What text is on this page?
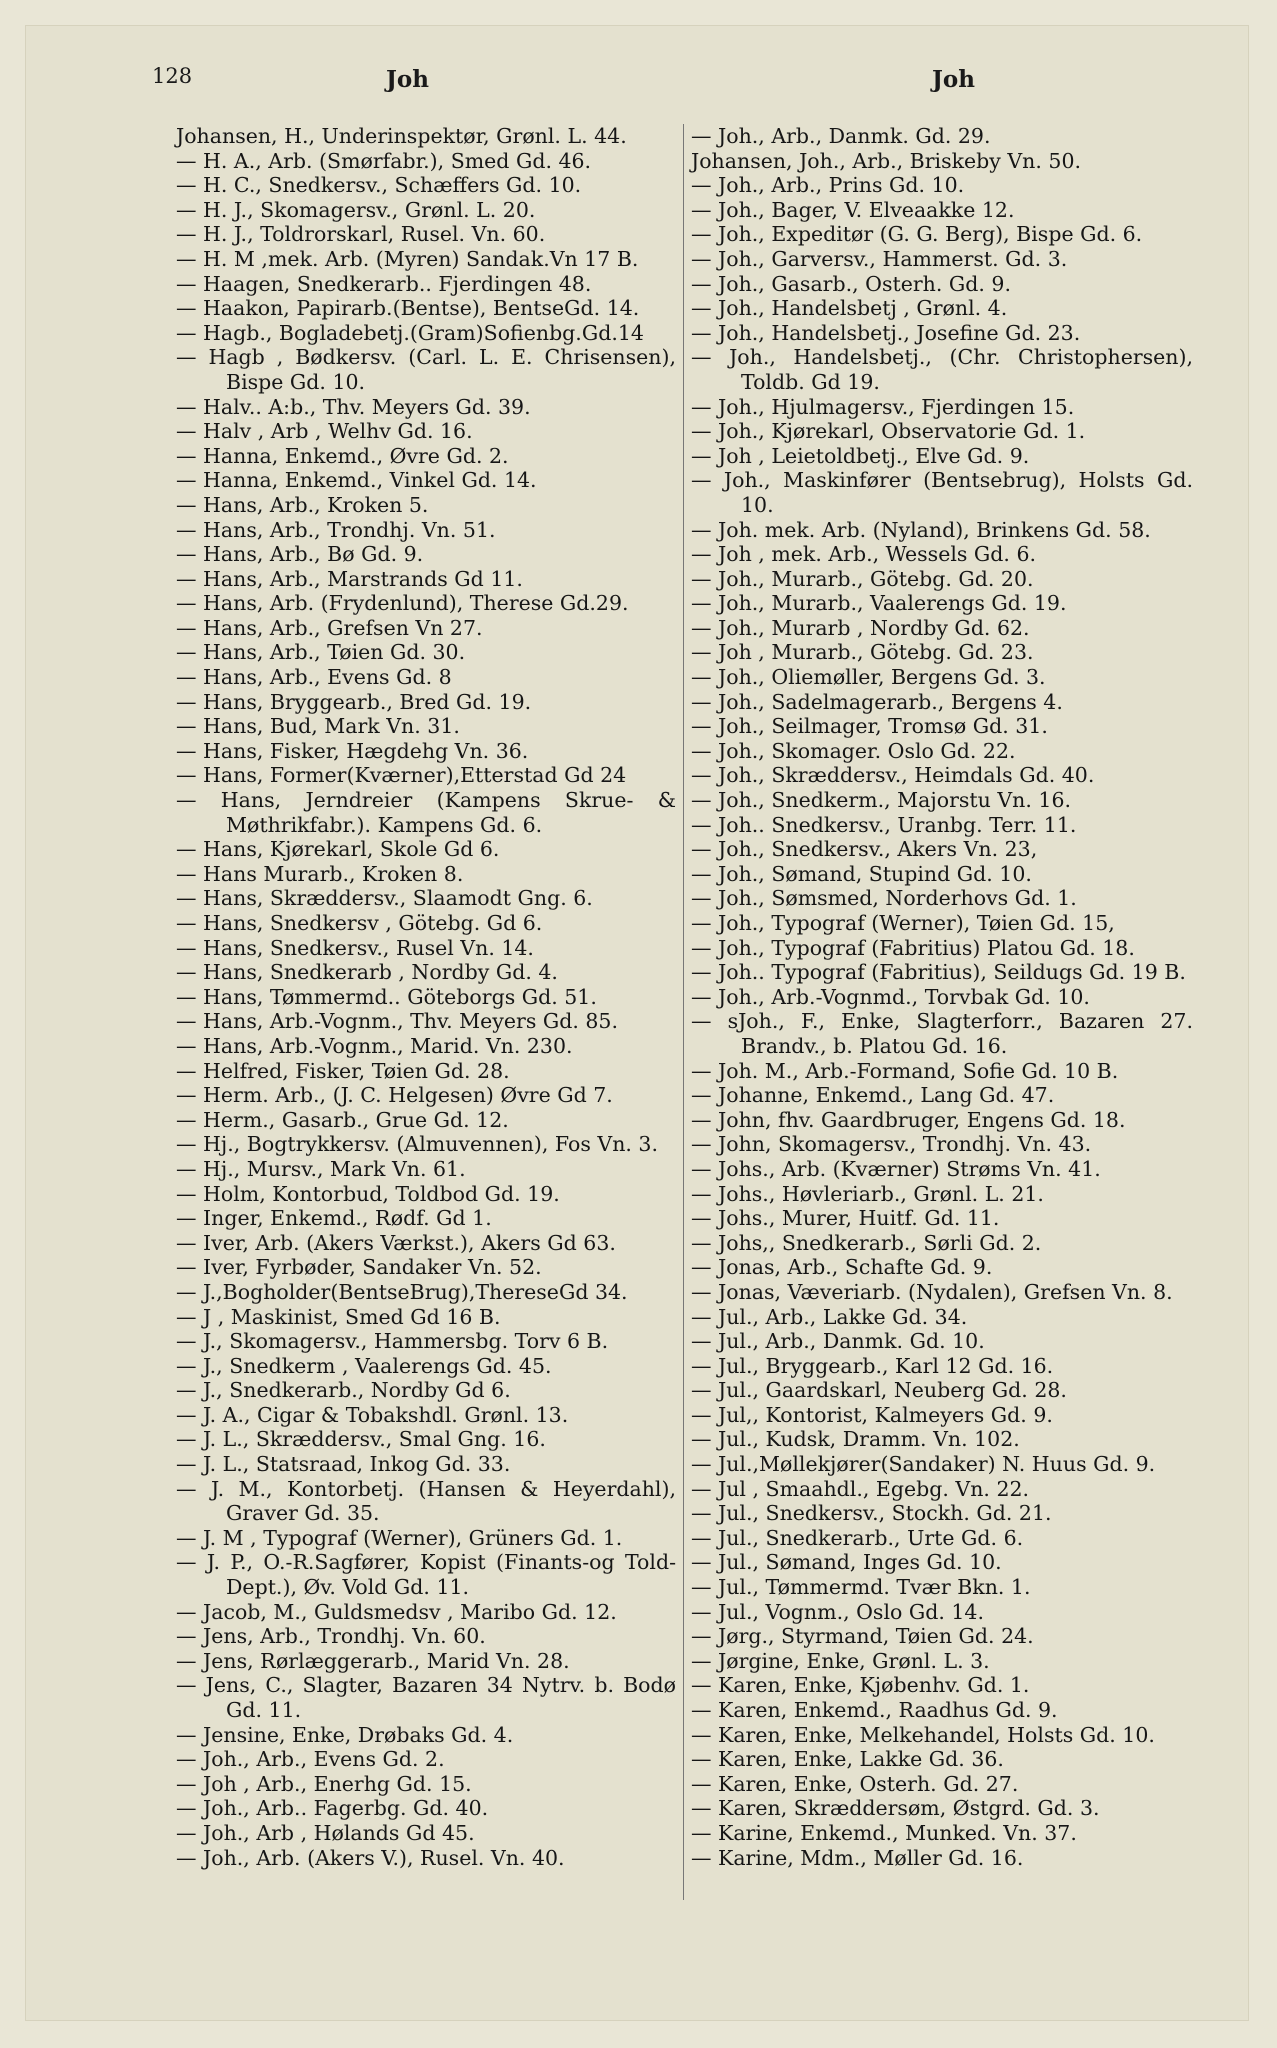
128	Joh	Joh
Johansen, H., Underinspektør, Grønl. L. 44.
— H. A., Arb. (Smørfabr.), Smed Gd. 46.
— H. C., Snedkersv., Schæffers Gd. 10.
— H. J., Skomagersv., Grønl. L. 20.
— H. J., Toldrorskarl, Rusel. Vn. 60.
— H. M ,mek. Arb. (Myren) Sandak.Vn 17 B.
— Haagen, Snedkerarb.. Fjerdingen 48.
— Haakon, Papirarb.(Bentse), BentseGd. 14.
— Hagb., Bogladebetj.(Gram)Sofienbg.Gd.14
— Hagb , Bødkersv. (Carl. L. E. Chrisensen), Bispe Gd. 10.
— Halv.. A:b., Thv. Meyers Gd. 39.
— Halv , Arb , Welhv Gd. 16.
— Hanna, Enkemd., Øvre Gd. 2.
— Hanna, Enkemd., Vinkel Gd. 14.
— Hans, Arb., Kroken 5.
— Hans, Arb., Trondhj. Vn. 51.
— Hans, Arb., Bø Gd. 9.
— Hans, Arb., Marstrands Gd 11.
— Hans, Arb. (Frydenlund), Therese Gd.29.
— Hans, Arb., Grefsen Vn 27.
— Hans, Arb., Tøien Gd. 30.
— Hans, Arb., Evens Gd. 8
— Hans, Bryggearb., Bred Gd. 19.
— Hans, Bud, Mark Vn. 31.
— Hans, Fisker, Hægdehg Vn. 36.
— Hans, Former(Kværner),Etterstad Gd 24
— Hans, Jerndreier (Kampens Skrue- & Møthrikfabr.). Kampens Gd. 6.
— Hans, Kjørekarl, Skole Gd 6.
— Hans Murarb., Kroken 8.
— Hans, Skræddersv., Slaamodt Gng. 6.
— Hans, Snedkersv , Götebg. Gd 6.
— Hans, Snedkersv., Rusel Vn. 14.
— Hans, Snedkerarb , Nordby Gd. 4.
— Hans, Tømmermd.. Göteborgs Gd. 51.
— Hans, Arb.-Vognm., Thv. Meyers Gd. 85.
— Hans, Arb.-Vognm., Marid. Vn. 230.
— Helfred, Fisker, Tøien Gd. 28.
— Herm. Arb., (J. C. Helgesen) Øvre Gd 7.
— Herm., Gasarb., Grue Gd. 12.
— Hj., Bogtrykkersv. (Almuvennen), Fos Vn. 3.
— Hj., Mursv., Mark Vn. 61.
— Holm, Kontorbud, Toldbod Gd. 19.
— Inger, Enkemd., Rødf. Gd 1.
— Iver, Arb. (Akers Værkst.), Akers Gd 63.
— Iver, Fyrbøder, Sandaker Vn. 52.
— J.,Bogholder(BentseBrug),ThereseGd 34.
— J , Maskinist, Smed Gd 16 B.
— J., Skomagersv., Hammersbg. Torv 6 B.
— J., Snedkerm , Vaalerengs Gd. 45.
— J., Snedkerarb., Nordby Gd 6.
— J. A., Cigar & Tobakshdl. Grønl. 13.
— J. L., Skræddersv., Smal Gng. 16.
— J. L., Statsraad, Inkog Gd. 33.
— J. M., Kontorbetj. (Hansen & Heyerdahl), Graver Gd. 35.
— J. M , Typograf (Werner), Grüners Gd. 1.
— J. P., O.-R.Sagfører, Kopist (Finants-og Told-Dept.), Øv. Vold Gd. 11.
— Jacob, M., Guldsmedsv , Maribo Gd. 12.
— Jens, Arb., Trondhj. Vn. 60.
— Jens, Rørlæggerarb., Marid Vn. 28.
— Jens, C., Slagter, Bazaren 34 Nytrv. b. Bodø Gd. 11.
— Jensine, Enke, Drøbaks Gd. 4.
— Joh., Arb., Evens Gd. 2.
— Joh , Arb., Enerhg Gd. 15.
— Joh., Arb.. Fagerbg. Gd. 40.
— Joh., Arb , Hølands Gd 45.
— Joh., Arb. (Akers V.), Rusel. Vn. 40.
— Joh., Arb., Danmk. Gd. 29.
Johansen, Joh., Arb., Briskeby Vn. 50.
— Joh., Arb., Prins Gd. 10.
— Joh., Bager, V. Elveaakke 12.
— Joh., Expeditør (G. G. Berg), Bispe Gd. 6.
— Joh., Garversv., Hammerst. Gd. 3.
— Joh., Gasarb., Osterh. Gd. 9.
— Joh., Handelsbetj , Grønl. 4.
— Joh., Handelsbetj., Josefine Gd. 23.
— Joh., Handelsbetj., (Chr. Christophersen), Toldb. Gd 19.
— Joh., Hjulmagersv., Fjerdingen 15.
— Joh., Kjørekarl, Observatorie Gd. 1.
— Joh , Leietoldbetj., Elve Gd. 9.
— Joh., Maskinfører (Bentsebrug), Holsts Gd. 10.
— Joh. mek. Arb. (Nyland), Brinkens Gd. 58.
— Joh , mek. Arb., Wessels Gd. 6.
— Joh., Murarb., Götebg. Gd. 20.
— Joh., Murarb., Vaalerengs Gd. 19.
— Joh., Murarb , Nordby Gd. 62.
— Joh , Murarb., Götebg. Gd. 23.
— Joh., Oliemøller, Bergens Gd. 3.
— Joh., Sadelmagerarb., Bergens 4.
— Joh., Seilmager, Tromsø Gd. 31.
— Joh., Skomager. Oslo Gd. 22.
— Joh., Skræddersv., Heimdals Gd. 40.
— Joh., Snedkerm., Majorstu Vn. 16.
— Joh.. Snedkersv., Uranbg. Terr. 11.
— Joh., Snedkersv., Akers Vn. 23,
— Joh., Sømand, Stupind Gd. 10.
— Joh., Sømsmed, Norderhovs Gd. 1.
— Joh., Typograf (Werner), Tøien Gd. 15,
— Joh., Typograf (Fabritius) Platou Gd. 18.
— Joh.. Typograf (Fabritius), Seildugs Gd. 19 B.
— Joh., Arb.-Vognmd., Torvbak Gd. 10.
— sJoh., F., Enke, Slagterforr., Bazaren 27. Brandv., b. Platou Gd. 16.
— Joh. M., Arb.-Formand, Sofie Gd. 10 B.
— Johanne, Enkemd., Lang Gd. 47.
— John, fhv. Gaardbruger, Engens Gd. 18.
— John, Skomagersv., Trondhj. Vn. 43.
— Johs., Arb. (Kværner) Strøms Vn. 41.
— Johs., Høvleriarb., Grønl. L. 21.
— Johs., Murer, Huitf. Gd. 11.
— Johs,, Snedkerarb., Sørli Gd. 2.
— Jonas, Arb., Schafte Gd. 9.
— Jonas, Væveriarb. (Nydalen), Grefsen Vn. 8.
— Jul., Arb., Lakke Gd. 34.
— Jul., Arb., Danmk. Gd. 10.
— Jul., Bryggearb., Karl 12 Gd. 16.
— Jul., Gaardskarl, Neuberg Gd. 28.
— Jul,, Kontorist, Kalmeyers Gd. 9.
— Jul., Kudsk, Dramm. Vn. 102.
— Jul.,Møllekjører(Sandaker) N. Huus Gd. 9.
— Jul , Smaahdl., Egebg. Vn. 22.
— Jul., Snedkersv., Stockh. Gd. 21.
— Jul., Snedkerarb., Urte Gd. 6.
— Jul., Sømand, Inges Gd. 10.
— Jul., Tømmermd. Tvær Bkn. 1.
— Jul., Vognm., Oslo Gd. 14.
— Jørg., Styrmand, Tøien Gd. 24.
— Jørgine, Enke, Grønl. L. 3.
— Karen, Enke, Kjøbenhv. Gd. 1.
— Karen, Enkemd., Raadhus Gd. 9.
— Karen, Enke, Melkehandel, Holsts Gd. 10.
— Karen, Enke, Lakke Gd. 36.
— Karen, Enke, Osterh. Gd. 27.
— Karen, Skræddersøm, Østgrd. Gd. 3.
— Karine, Enkemd., Munked. Vn. 37.
— Karine, Mdm., Møller Gd. 16.
